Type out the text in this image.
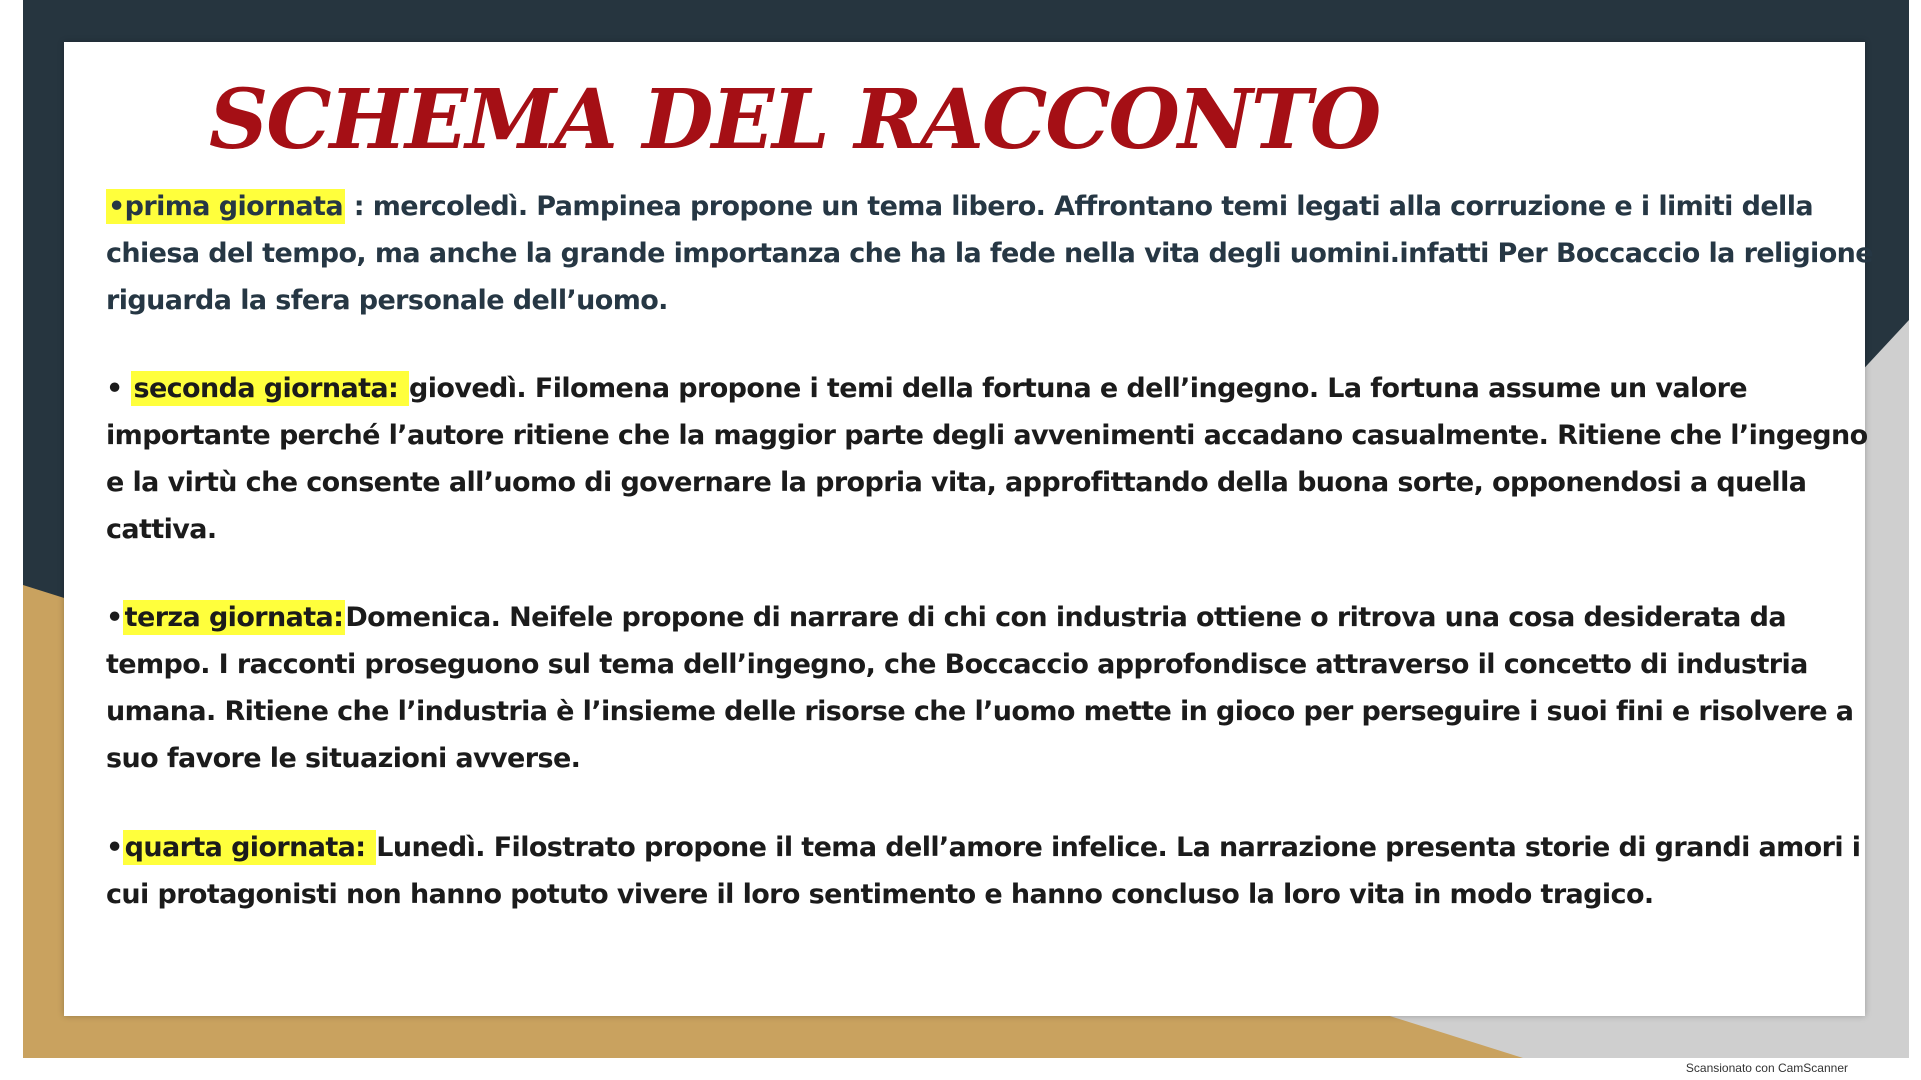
SCHEMA DEL RACCONTO

•prima giornata : mercoledì. Pampinea propone un tema libero. Affrontano temi legati alla corruzione e i limiti della chiesa del tempo, ma anche la grande importanza che ha la fede nella vita degli uomini.infatti Per Boccaccio la religione riguarda la sfera personale dell’uomo.

• seconda giornata: giovedì. Filomena propone i temi della fortuna e dell’ingegno. La fortuna assume un valore importante perché l’autore ritiene che la maggior parte degli avvenimenti accadano casualmente. Ritiene che l’ingegno e la virtù che consente all’uomo di governare la propria vita, approfittando della buona sorte, opponendosi a quella cattiva.

•terza giornata:Domenica. Neifele propone di narrare di chi con industria ottiene o ritrova una cosa desiderata da tempo. I racconti proseguono sul tema dell’ingegno, che Boccaccio approfondisce attraverso il concetto di industria umana. Ritiene che l’industria è l’insieme delle risorse che l’uomo mette in gioco per perseguire i suoi fini e risolvere a suo favore le situazioni avverse.

•quarta giornata: Lunedì. Filostrato propone il tema dell’amore infelice. La narrazione presenta storie di grandi amori i cui protagonisti non hanno potuto vivere il loro sentimento e hanno concluso la loro vita in modo tragico.

Scansionato con CamScanner
